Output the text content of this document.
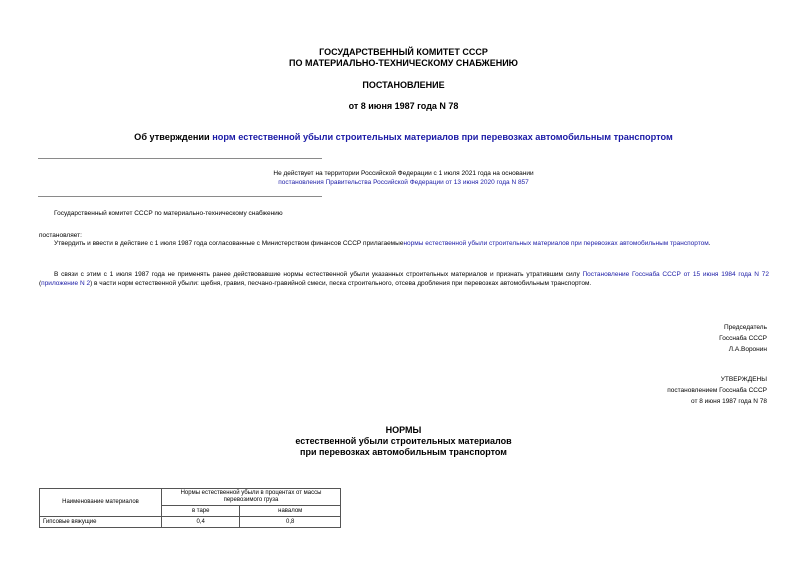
ГОСУДАРСТВЕННЫЙ КОМИТЕТ СССР
ПО МАТЕРИАЛЬНО-ТЕХНИЧЕСКОМУ СНАБЖЕНИЮ
ПОСТАНОВЛЕНИЕ
от 8 июня 1987 года N 78
Об утверждении норм естественной убыли строительных материалов при перевозках автомобильным транспортом
Не действует на территории Российской Федерации с 1 июля 2021 года на основании
постановления Правительства Российской Федерации от 13 июня 2020 года N 857
Государственный комитет СССР по материально-техническому снабжению
постановляет:
Утвердить и ввести в действие с 1 июля 1987 года согласованные с Министерством финансов СССР прилагаемыенормы естественной убыли строительных материалов при перевозках автомобильным транспортом.
В связи с этим с 1 июля 1987 года не применять ранее действовавшие нормы естественной убыли указанных строительных материалов и признать утратившим силу Постановление Госснаба СССР от 15 июня 1984 года N 72 (приложение N 2) в части норм естественной убыли: щебня, гравия, песчано-гравийной смеси, песка строительного, отсева дробления при перевозках автомобильным транспортом.
Председатель
Госснаба СССР
Л.А.Воронин
УТВЕРЖДЕНЫ
постановлением Госснаба СССР
от 8 июня 1987 года N 78
НОРМЫ
естественной убыли строительных материалов
при перевозках автомобильным транспортом
Наименование материалов	Нормы естественной убыли в процентах от массы перевозимого груза	
	в таре	навалом
Гипсовые вяжущие	0,4	0,8
